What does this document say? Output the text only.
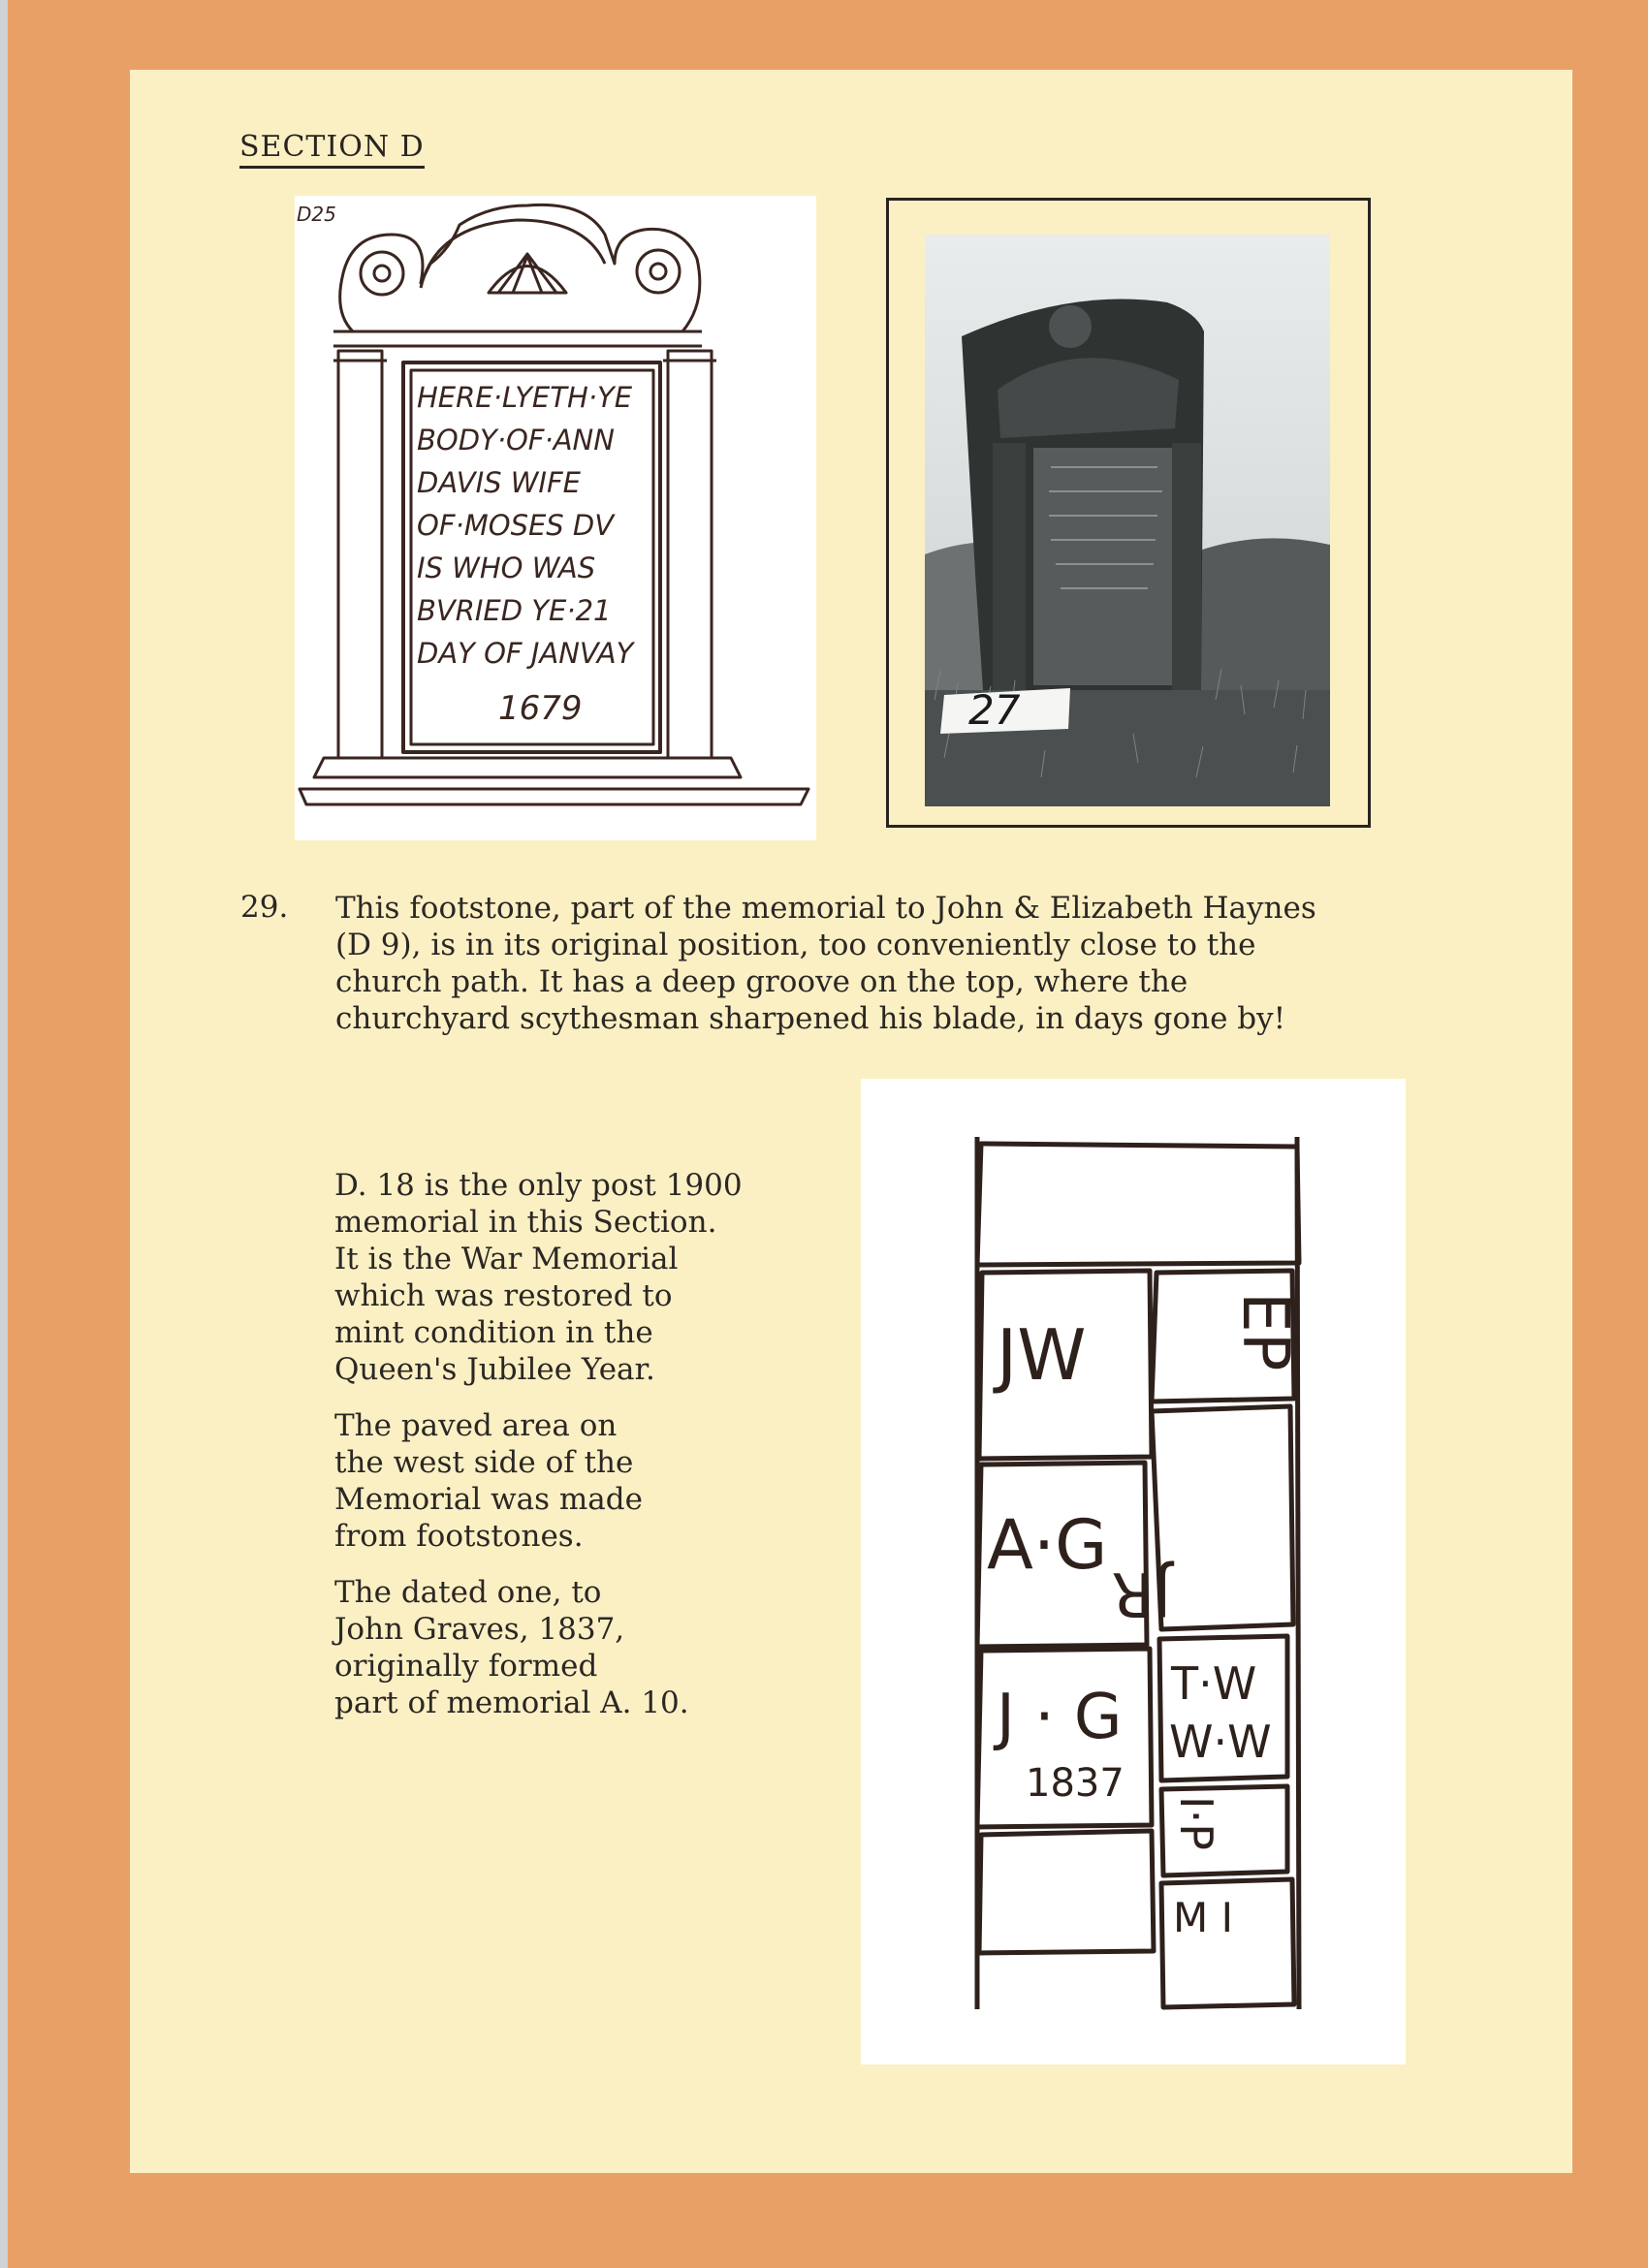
SECTION D
D25
HERE·LYETH·YE
BODY·OF·ANN
DAVIS WIFE
OF·MOSES DV
IS WHO WAS
BVRIED YE·21
DAY OF JANVAY
1679	27
29. This footstone, part of the memorial to John & Elizabeth Haynes
(D 9), is in its original position, too conveniently close to the
church path. It has a deep groove on the top, where the
churchyard scythesman sharpened his blade, in days gone by!
D. 18 is the only post 1900
memorial in this Section.
It is the War Memorial
which was restored to
mint condition in the
Queen's Jubilee Year.
The paved area on
the west side of the
Memorial was made
from footstones.
The dated one, to
John Graves, 1837,
originally formed
part of memorial A. 10.
JW EP
A·G
JR
J · G
1837
T·W
W·W
I·P
M I
